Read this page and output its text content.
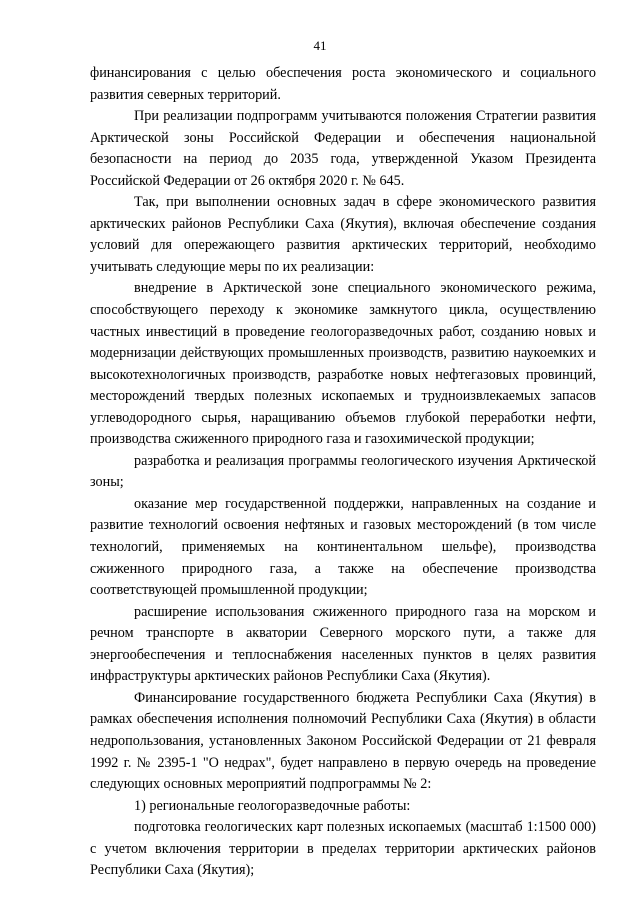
41

финансирования с целью обеспечения роста экономического и социального развития северных территорий.

При реализации подпрограмм учитываются положения Стратегии развития Арктической зоны Российской Федерации и обеспечения национальной безопасности на период до 2035 года, утвержденной Указом Президента Российской Федерации от 26 октября 2020 г. № 645.

Так, при выполнении основных задач в сфере экономического развития арктических районов Республики Саха (Якутия), включая обеспечение создания условий для опережающего развития арктических территорий, необходимо учитывать следующие меры по их реализации:

внедрение в Арктической зоне специального экономического режима, способствующего переходу к экономике замкнутого цикла, осуществлению частных инвестиций в проведение геологоразведочных работ, созданию новых и модернизации действующих промышленных производств, развитию наукоемких и высокотехнологичных производств, разработке новых нефтегазовых провинций, месторождений твердых полезных ископаемых и трудноизвлекаемых запасов углеводородного сырья, наращиванию объемов глубокой переработки нефти, производства сжиженного природного газа и газохимической продукции;

разработка и реализация программы геологического изучения Арктической зоны;

оказание мер государственной поддержки, направленных на создание и развитие технологий освоения нефтяных и газовых месторождений (в том числе технологий, применяемых на континентальном шельфе), производства сжиженного природного газа, а также на обеспечение производства соответствующей промышленной продукции;

расширение использования сжиженного природного газа на морском и речном транспорте в акватории Северного морского пути, а также для энергообеспечения и теплоснабжения населенных пунктов в целях развития инфраструктуры арктических районов Республики Саха (Якутия).

Финансирование государственного бюджета Республики Саха (Якутия) в рамках обеспечения исполнения полномочий Республики Саха (Якутия) в области недропользования, установленных Законом Российской Федерации от 21 февраля 1992 г. № 2395-1 "О недрах", будет направлено в первую очередь на проведение следующих основных мероприятий подпрограммы № 2:

1) региональные геологоразведочные работы:

подготовка геологических карт полезных ископаемых (масштаб 1:1500 000) с учетом включения территории в пределах территории арктических районов Республики Саха (Якутия);
